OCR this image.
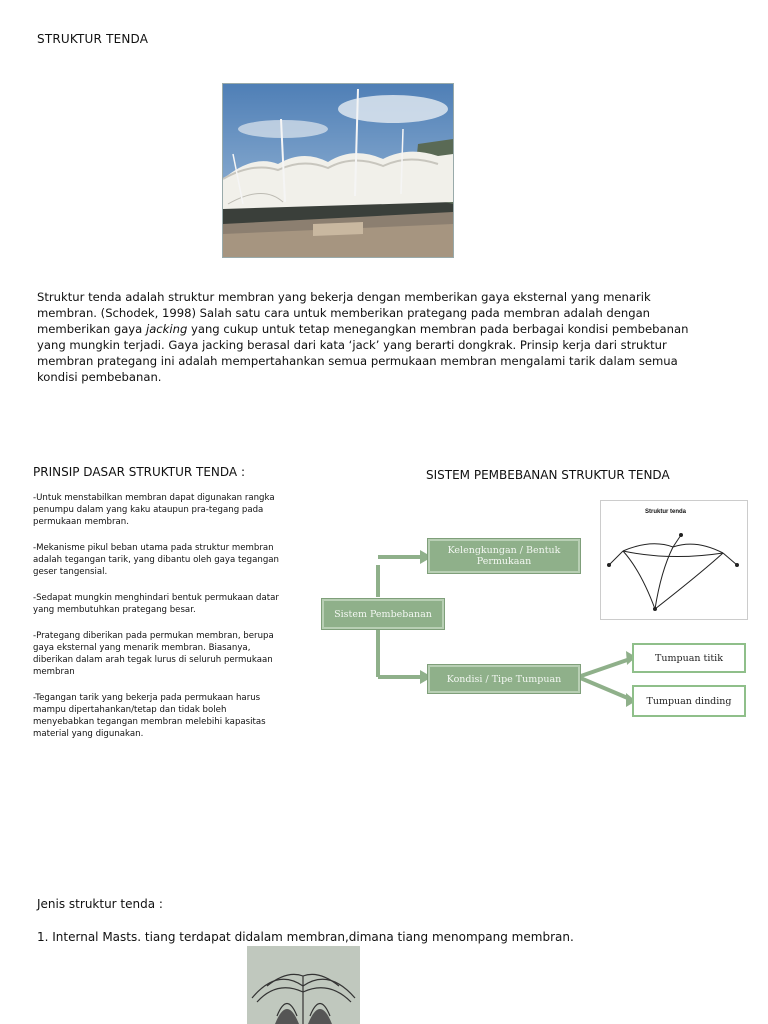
STRUKTUR TENDA
Struktur tenda adalah struktur membran yang bekerja dengan memberikan gaya eksternal yang menarik
membran. (Schodek, 1998) Salah satu cara untuk memberikan prategang pada membran adalah dengan
memberikan gaya jacking yang cukup untuk tetap menegangkan membran pada berbagai kondisi pembebanan
yang mungkin terjadi. Gaya jacking berasal dari kata ‘jack’ yang berarti dongkrak. Prinsip kerja dari struktur
membran prategang ini adalah mempertahankan semua permukaan membran mengalami tarik dalam semua
kondisi pembebanan.
PRINSIP DASAR STRUKTUR TENDA :
-Untuk menstabilkan membran dapat digunakan rangka penumpu dalam yang kaku ataupun pra-tegang pada permukaan membran.
-Mekanisme pikul beban utama pada struktur membran adalah tegangan tarik, yang dibantu oleh gaya tegangan geser tangensial.
-Sedapat mungkin menghindari bentuk permukaan datar yang membutuhkan prategang besar.
-Prategang diberikan pada permukan membran, berupa gaya eksternal yang menarik membran. Biasanya, diberikan dalam arah tegak lurus di seluruh permukaan membran
-Tegangan tarik yang bekerja pada permukaan harus mampu dipertahankan/tetap dan tidak boleh menyebabkan tegangan membran melebihi kapasitas material yang digunakan.
SISTEM PEMBEBANAN STRUKTUR TENDA
Kelengkungan / Bentuk Permukaan
Sistem Pembebanan
Kondisi / Tipe Tumpuan
Tumpuan titik
Tumpuan dinding
Struktur tenda
Jenis struktur tenda :
1. Internal Masts. tiang terdapat didalam membran,dimana tiang menompang membran.
